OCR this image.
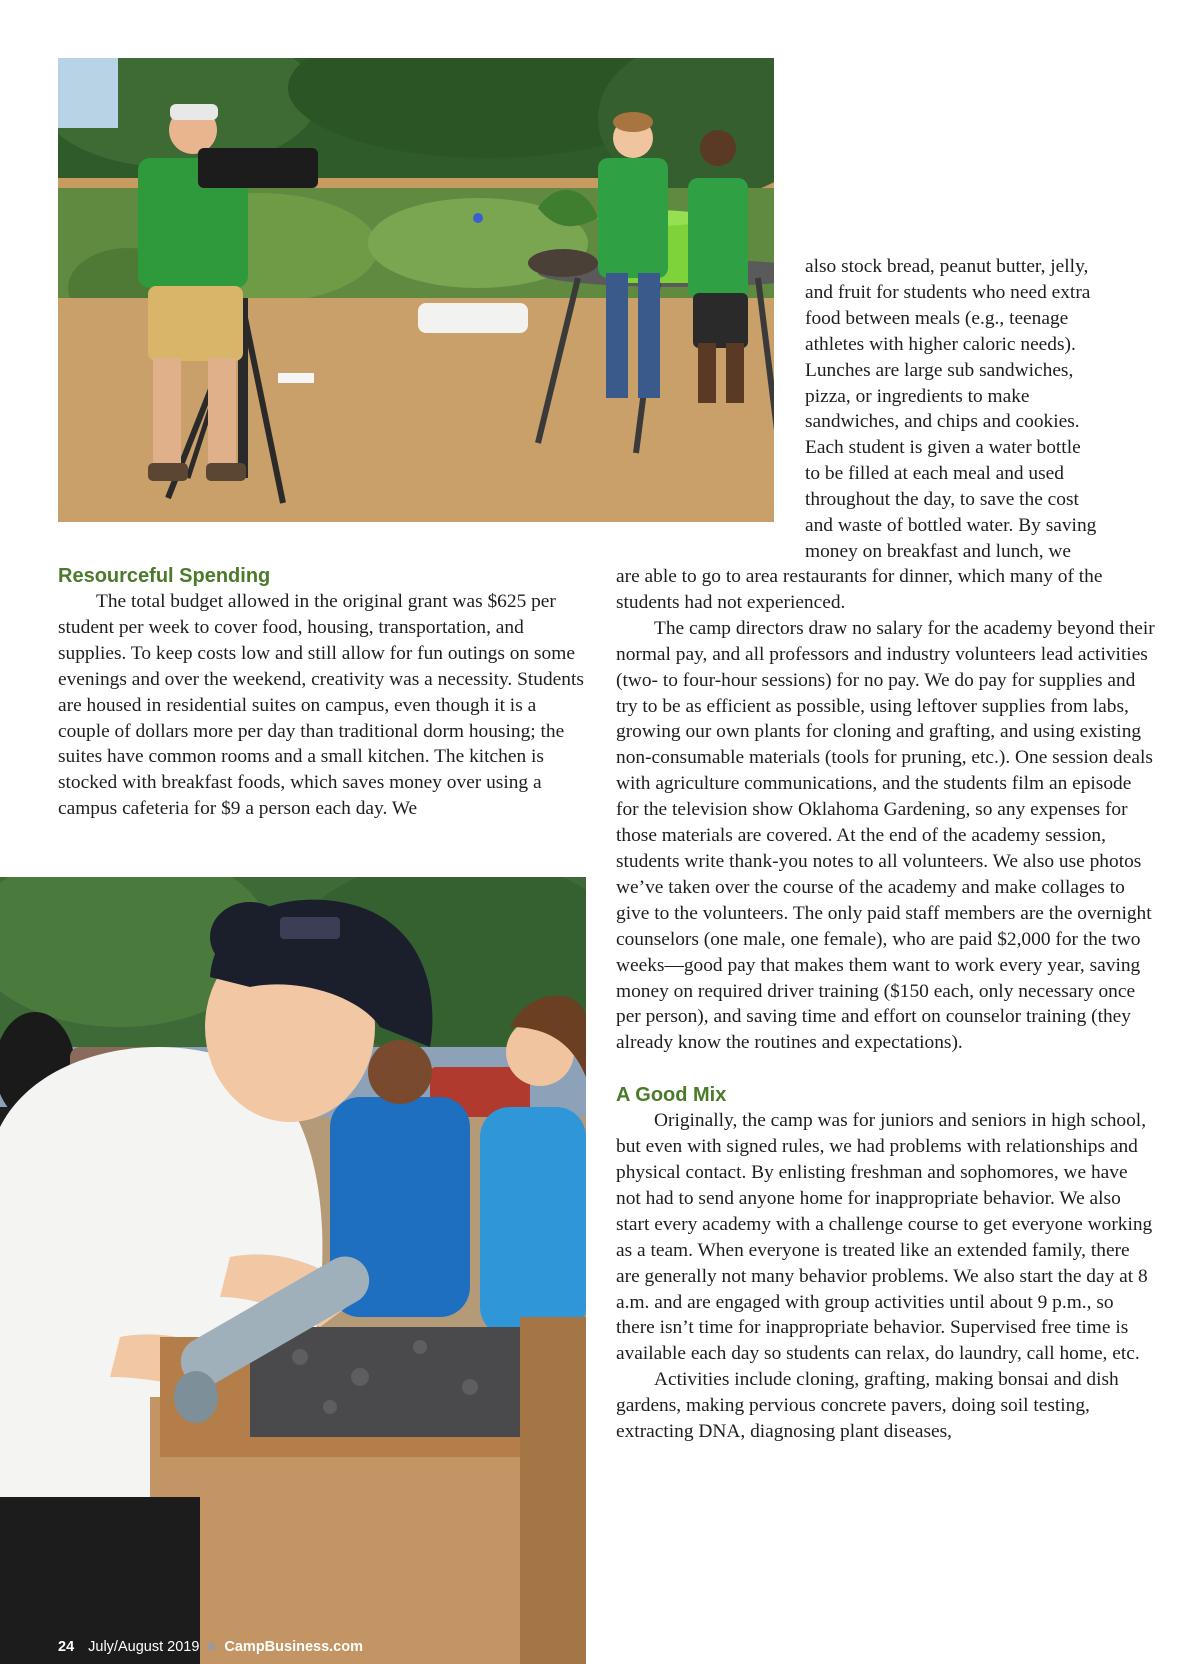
also stock bread, peanut butter, jelly,
and fruit for students who need extra
food between meals (e.g., teenage
athletes with higher caloric needs).
Lunches are large sub sandwiches,
pizza, or ingredients to make
sandwiches, and chips and cookies.
Each student is given a water bottle
to be filled at each meal and used
throughout the day, to save the cost
and waste of bottled water. By saving
money on breakfast and lunch, we
Resourceful Spending

The total budget allowed in the original grant was $625 per student per week to cover food, housing, transportation, and supplies. To keep costs low and still allow for fun outings on some evenings and over the weekend, creativity was a necessity. Students are housed in residential suites on campus, even though it is a couple of dollars more per day than traditional dorm housing; the suites have common rooms and a small kitchen. The kitchen is stocked with breakfast foods, which saves money over using a campus cafeteria for $9 a person each day. We

are able to go to area restaurants for dinner, which many of the students had not experienced.

The camp directors draw no salary for the academy beyond their normal pay, and all professors and industry volunteers lead activities (two- to four-hour sessions) for no pay. We do pay for supplies and try to be as efficient as possible, using leftover supplies from labs, growing our own plants for cloning and grafting, and using existing non-consumable materials (tools for pruning, etc.). One session deals with agriculture communications, and the students film an episode for the television show Oklahoma Gardening, so any expenses for those materials are covered. At the end of the academy session, students write thank-you notes to all volunteers. We also use photos we’ve taken over the course of the academy and make collages to give to the volunteers. The only paid staff members are the overnight counselors (one male, one female), who are paid $2,000 for the two weeks—good pay that makes them want to work every year, saving money on required driver training ($150 each, only necessary once per person), and saving time and effort on counselor training (they already know the routines and expectations).

A Good Mix

Originally, the camp was for juniors and seniors in high school, but even with signed rules, we had problems with relationships and physical contact. By enlisting freshman and sophomores, we have not had to send anyone home for inappropriate behavior. We also start every academy with a challenge course to get everyone working as a team. When everyone is treated like an extended family, there are generally not many behavior problems. We also start the day at 8 a.m. and are engaged with group activities until about 9 p.m., so there isn’t time for inappropriate behavior. Supervised free time is available each day so students can relax, do laundry, call home, etc.

Activities include cloning, grafting, making bonsai and dish gardens, making pervious concrete pavers, doing soil testing, extracting DNA, diagnosing plant diseases,

24 July/August 2019 CampBusiness.com
